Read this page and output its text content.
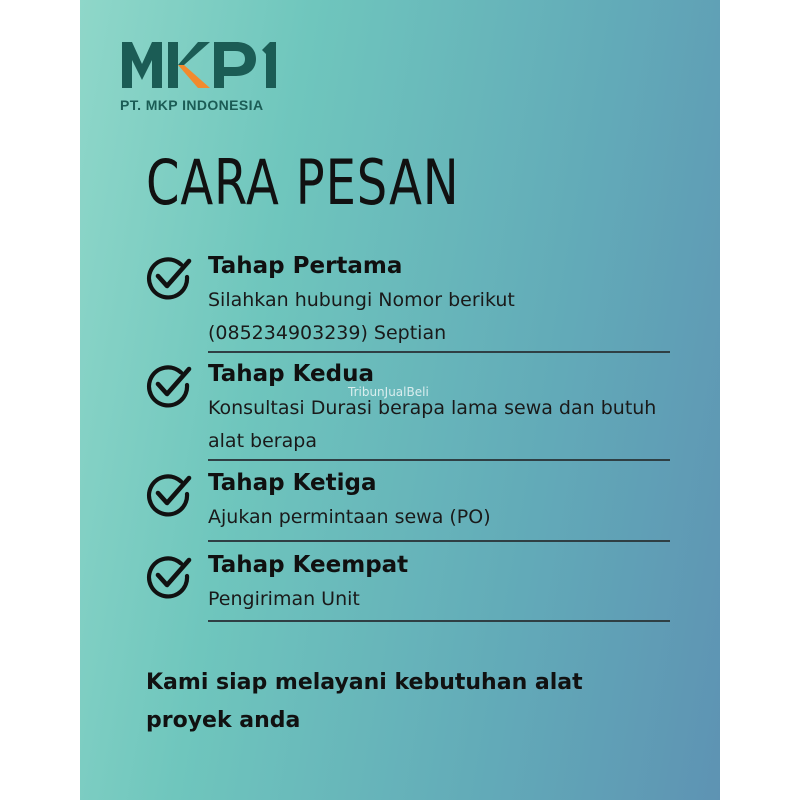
PT. MKP INDONESIA
CARA PESAN
Tahap Pertama
Silahkan hubungi Nomor berikut (085234903239) Septian
Tahap Kedua
Konsultasi Durasi berapa lama sewa dan butuh alat berapa
Tahap Ketiga
Ajukan permintaan sewa (PO)
Tahap Keempat
Pengiriman Unit
TribunJualBeli
Kami siap melayani kebutuhan alat proyek anda
